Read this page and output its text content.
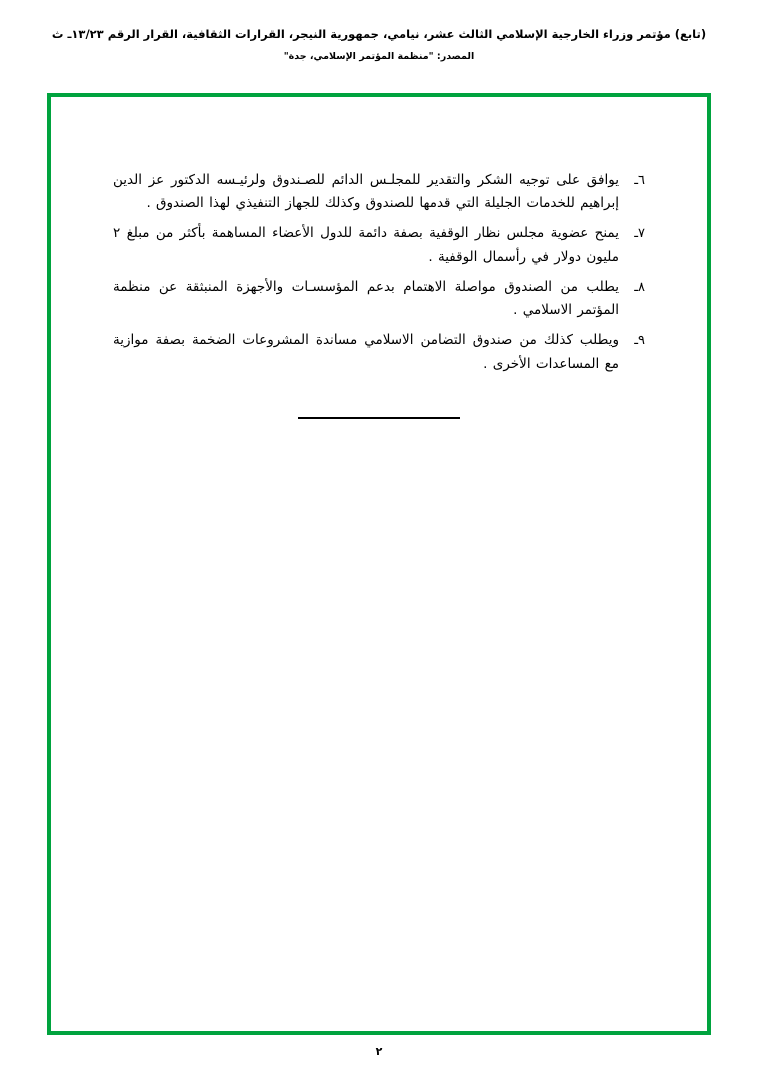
(تابع) مؤتمر وزراء الخارجية الإسلامي الثالث عشر، نيامي، جمهورية النيجر، القرارات الثقافية، القرار الرقم ١٣/٢٣ـ ث
المصدر: "منظمة المؤتمر الإسلامي، جدة"
٦ـ
يوافق على توجيه الشكر والتقدير للمجلـس الدائم للصـندوق ولرئيـسه الدكتور عز الدين إبراهيم للخدمات الجليلة التي قدمها للصندوق وكذلك للجهاز التنفيذي لهذا الصندوق .
٧ـ
يمنح عضوية مجلس نظار الوقفية بصفة دائمة للدول الأعضاء المساهمة بأكثر من مبلغ ٢ مليون دولار في رأسمال الوقفية .
٨ـ
يطلب من الصندوق مواصلة الاهتمام بدعم المؤسسـات والأجهزة المنبثقة عن منظمة المؤتمر الاسلامي .
٩ـ
ويطلب كذلك من صندوق التضامن الاسلامي مساندة المشروعات الضخمة بصفة موازية مع المساعدات الأخرى .
٢
